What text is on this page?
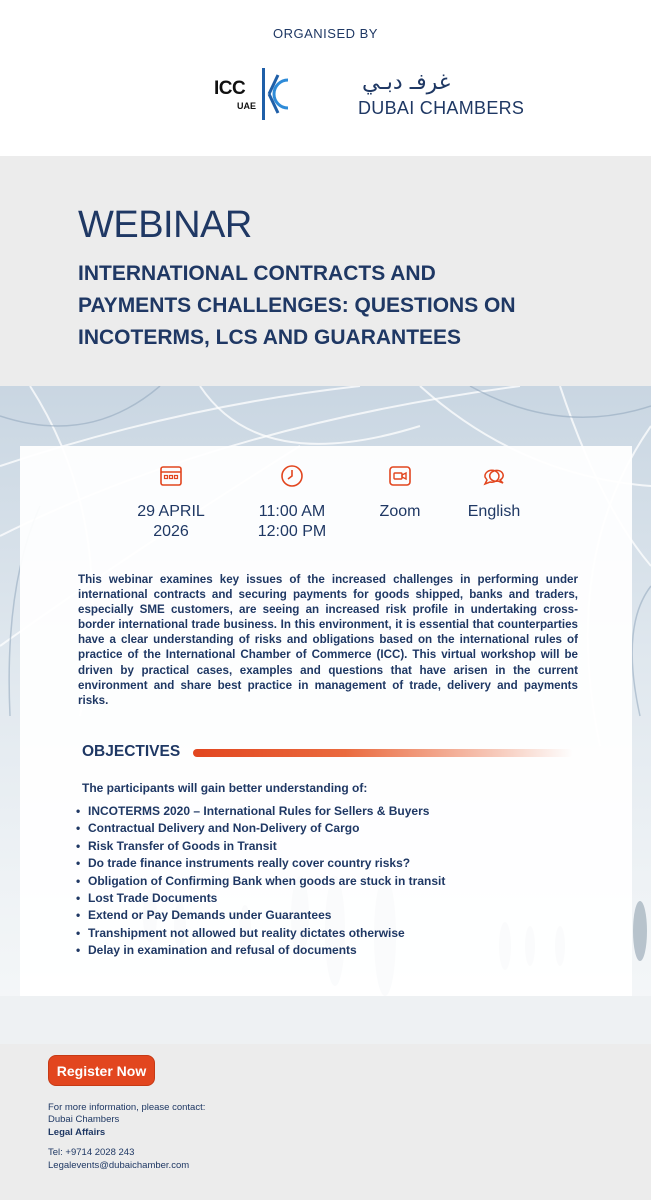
ORGANISED BY
ICC
UAE
غرفـ دبـي
DUBAI CHAMBERS
WEBINAR
INTERNATIONAL CONTRACTS AND
PAYMENTS CHALLENGES: QUESTIONS ON
INCOTERMS, LCS AND GUARANTEES
29 APRIL
2026
11:00 AM
12:00 PM
Zoom	English
This webinar examines key issues of the increased challenges in performing under international contracts and securing payments for goods shipped, banks and traders, especially SME customers, are seeing an increased risk profile in undertaking cross-border international trade business. In this environment, it is essential that counterparties have a clear understanding of risks and obligations based on the international rules of practice of the International Chamber of Commerce (ICC). This virtual workshop will be driven by practical cases, examples and questions that have arisen in the current environment and share best practice in management of trade, delivery and payments risks.
OBJECTIVES
The participants will gain better understanding of:
• INCOTERMS 2020 – International Rules for Sellers & Buyers
• Contractual Delivery and Non-Delivery of Cargo
• Risk Transfer of Goods in Transit
• Do trade finance instruments really cover country risks?
• Obligation of Confirming Bank when goods are stuck in transit
• Lost Trade Documents
• Extend or Pay Demands under Guarantees
• Transhipment not allowed but reality dictates otherwise
• Delay in examination and refusal of documents
Register Now
For more information, please contact:
Dubai Chambers
Legal Affairs
Tel: +9714 2028 243
Legalevents@dubaichamber.com
